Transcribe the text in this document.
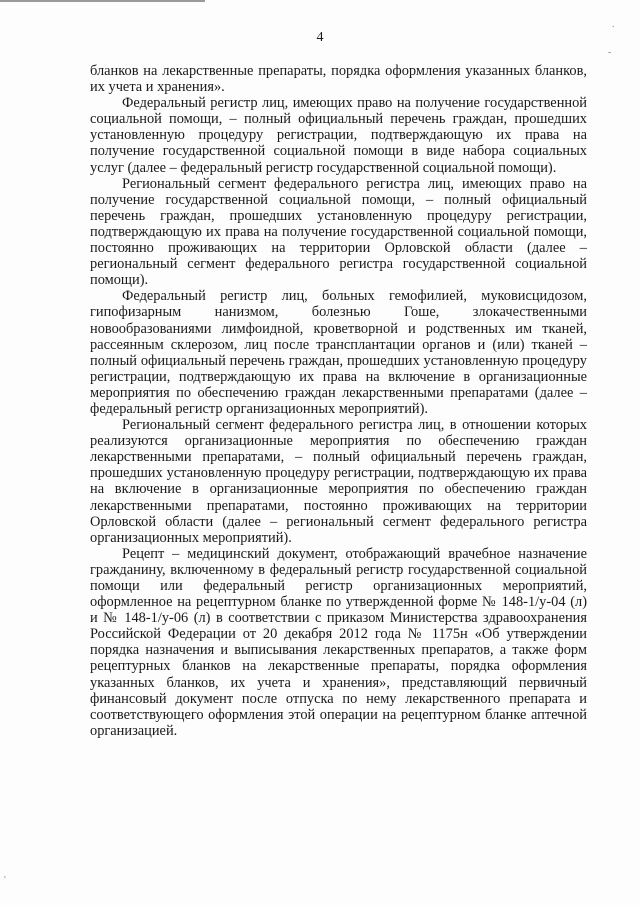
.
-
'
4

бланков на лекарственные препараты, порядка оформления указанных бланков, их учета и хранения».

Федеральный регистр лиц, имеющих право на получение государственной социальной помощи, – полный официальный перечень граждан, прошедших установленную процедуру регистрации, подтверждающую их права на получение государственной социальной помощи в виде набора социальных услуг (далее – федеральный регистр государственной социальной помощи).

Региональный сегмент федерального регистра лиц, имеющих право на получение государственной социальной помощи, – полный официальный перечень граждан, прошедших установленную процедуру регистрации, подтверждающую их права на получение государственной социальной помощи, постоянно проживающих на территории Орловской области (далее – региональный сегмент федерального регистра государственной социальной помощи).

Федеральный регистр лиц, больных гемофилией, муковисцидозом, гипофизарным нанизмом, болезнью Гоше, злокачественными новообразованиями лимфоидной, кроветворной и родственных им тканей, рассеянным склерозом, лиц после трансплантации органов и (или) тканей – полный официальный перечень граждан, прошедших установленную процедуру регистрации, подтверждающую их права на включение в организационные мероприятия по обеспечению граждан лекарственными препаратами (далее – федеральный регистр организационных мероприятий).

Региональный сегмент федерального регистра лиц, в отношении которых реализуются организационные мероприятия по обеспечению граждан лекарственными препаратами, – полный официальный перечень граждан, прошедших установленную процедуру регистрации, подтверждающую их права на включение в организационные мероприятия по обеспечению граждан лекарственными препаратами, постоянно проживающих на территории Орловской области (далее – региональный сегмент федерального регистра организационных мероприятий).

Рецепт – медицинский документ, отображающий врачебное назначение гражданину, включенному в федеральный регистр государственной социальной помощи или федеральный регистр организационных мероприятий, оформленное на рецептурном бланке по утвержденной форме № 148-1/у-04 (л) и № 148-1/у-06 (л) в соответствии с приказом Министерства здравоохранения Российской Федерации от 20 декабря 2012 года № 1175н «Об утверждении порядка назначения и выписывания лекарственных препаратов, а также форм рецептурных бланков на лекарственные препараты, порядка оформления указанных бланков, их учета и хранения», представляющий первичный финансовый документ после отпуска по нему лекарственного препарата и соответствующего оформления этой операции на рецептурном бланке аптечной организацией.
